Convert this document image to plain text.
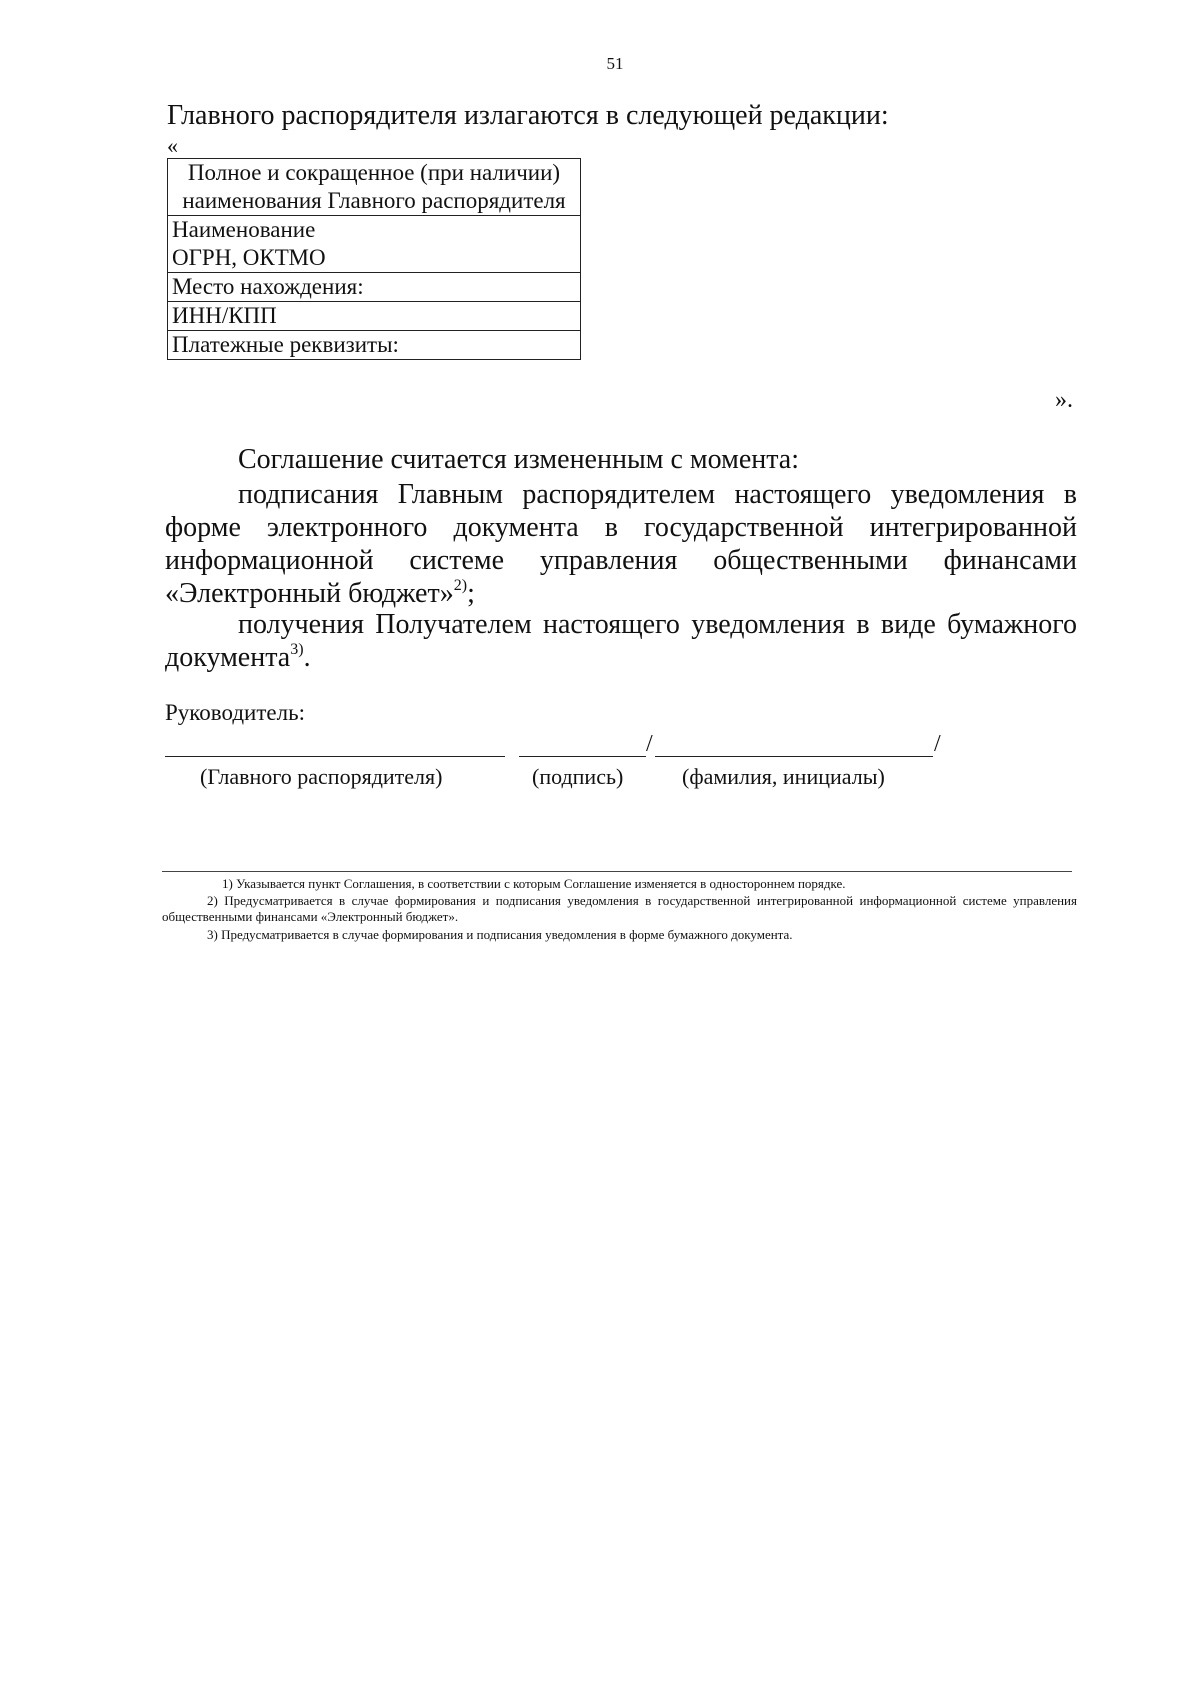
51
Главного распорядителя излагаются в следующей редакции:
«
Полное и сокращенное (при наличии)
наименования Главного распорядителя

Наименование
ОГРН, ОКТМО

Место нахождения:
ИНН/КПП
Платежные реквизиты:
».
Соглашение считается измененным с момента:
подписания Главным распорядителем настоящего уведомления в форме электронного документа в государственной интегрированной информационной системе управления общественными финансами «Электронный бюджет»$^{2)}$;
получения Получателем настоящего уведомления в виде бумажного документа$^{3)}$.
Руководитель:
/	/
(Главного распорядителя)	(подпись)	(фамилия, инициалы)
1) Указывается пункт Соглашения, в соответствии с которым Соглашение изменяется в одностороннем порядке.
2) Предусматривается в случае формирования и подписания уведомления в государственной интегрированной информационной системе управления общественными финансами «Электронный бюджет».
3) Предусматривается в случае формирования и подписания уведомления в форме бумажного документа.
